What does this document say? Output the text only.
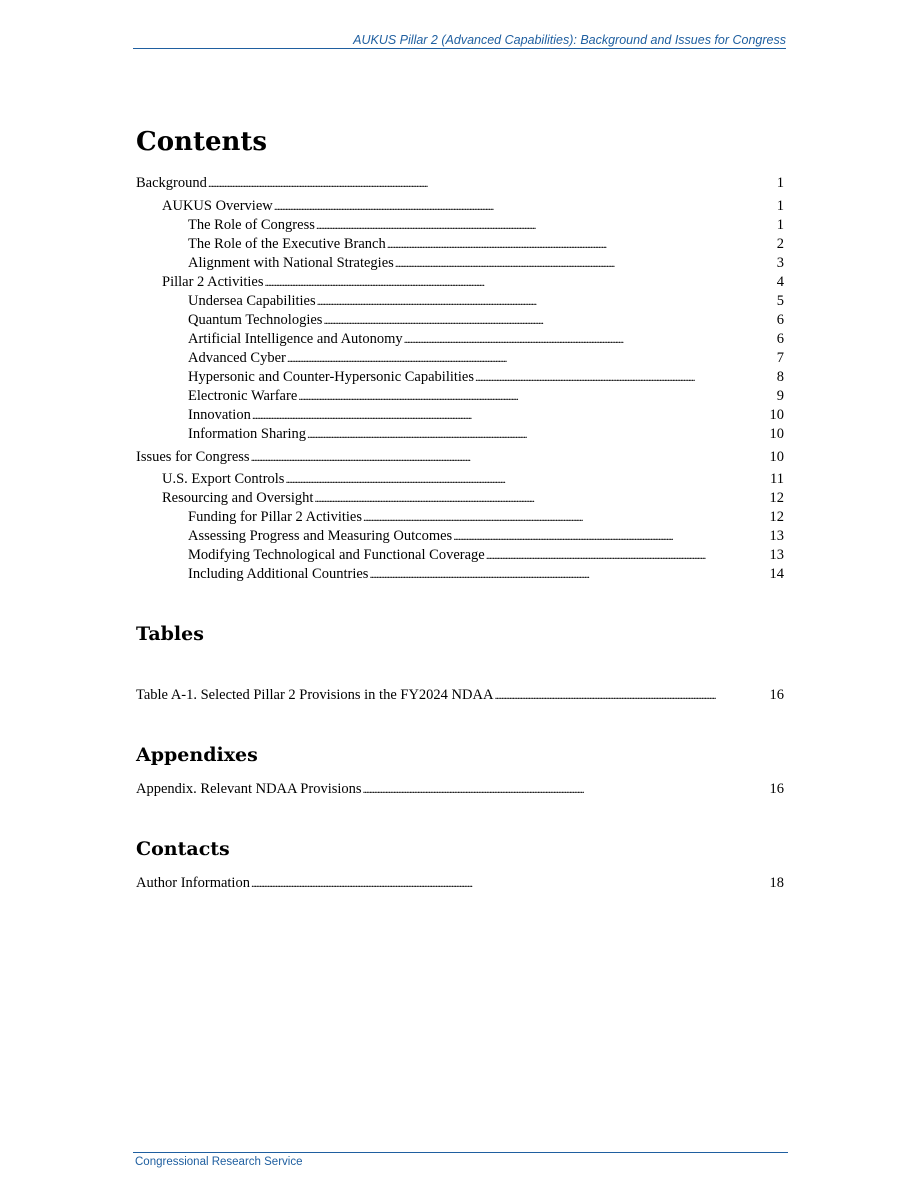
AUKUS Pillar 2 (Advanced Capabilities): Background and Issues for Congress
Contents
Background . . .	1
AUKUS Overview . . .	1
The Role of Congress . . .	1
The Role of the Executive Branch . . .	2
Alignment with National Strategies . . .	3
Pillar 2 Activities . . .	4
Undersea Capabilities . . .	5
Quantum Technologies . . .	6
Artificial Intelligence and Autonomy . . .	6
Advanced Cyber . . .	7
Hypersonic and Counter-Hypersonic Capabilities . . .	8
Electronic Warfare . . .	9
Innovation . . .	10
Information Sharing . . .	10
Issues for Congress . . .	10
U.S. Export Controls . . .	11
Resourcing and Oversight . . .	12
Funding for Pillar 2 Activities . . .	12
Assessing Progress and Measuring Outcomes . . .	13
Modifying Technological and Functional Coverage . . .	13
Including Additional Countries . . .	14
Tables
Table A-1. Selected Pillar 2 Provisions in the FY2024 NDAA . . .	16
Appendixes
Appendix. Relevant NDAA Provisions . . .	16
Contacts
Author Information . . .	18
Congressional Research Service
